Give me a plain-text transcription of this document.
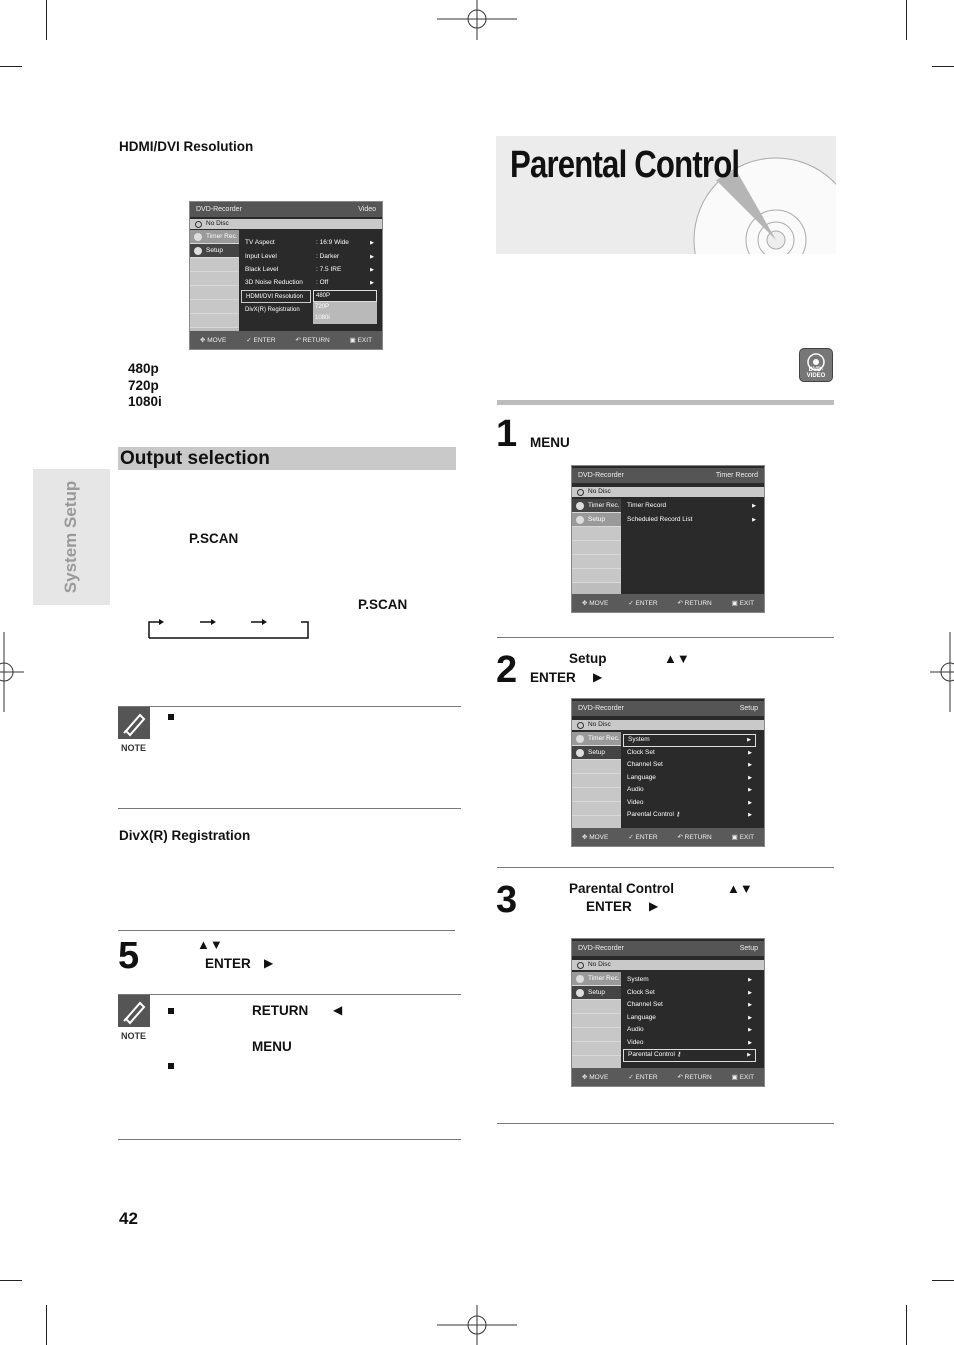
System Setup
HDMI/DVI Resolution
DVD-Recorder	Video
No Disc
Timer Rec.
Setup
TV Aspect	: 16:9 Wide	▶
Input Level	: Darker	▶
Black Level	: 7.5 IRE	▶
3D Noise Reduction	: Off	▶
HDMI/DVI Resolution
DivX(R) Registration
480P
720P
1080i
✥ MOVE	✓ ENTER	↶ RETURN	▣ EXIT
480p
720p
1080i
Output selection
P.SCAN
P.SCAN
NOTE
DivX(R) Registration
5	▲▼
ENTER ▶
NOTE
RETURN ◀
MENU
42
Parental Control
DVD-VIDEO
1 MENU
DVD-Recorder	Timer Record
No Disc
Timer Rec.
Setup
Timer Record	▶
Scheduled Record List	▶
✥ MOVE	✓ ENTER	↶ RETURN	▣ EXIT
2	Setup	▲▼
ENTER ▶
DVD-Recorder	Setup
No Disc
Timer Rec.
Setup
System	▶
Clock Set	▶
Channel Set	▶
Language	▶
Audio	▶
Video	▶
Parental Control ⚷	▶
✥ MOVE	✓ ENTER	↶ RETURN	▣ EXIT
3	Parental Control	▲▼
ENTER ▶
DVD-Recorder	Setup
No Disc
Timer Rec.
Setup
System	▶
Clock Set	▶
Channel Set	▶
Language	▶
Audio	▶
Video	▶
Parental Control ⚷	▶
✥ MOVE	✓ ENTER	↶ RETURN	▣ EXIT
